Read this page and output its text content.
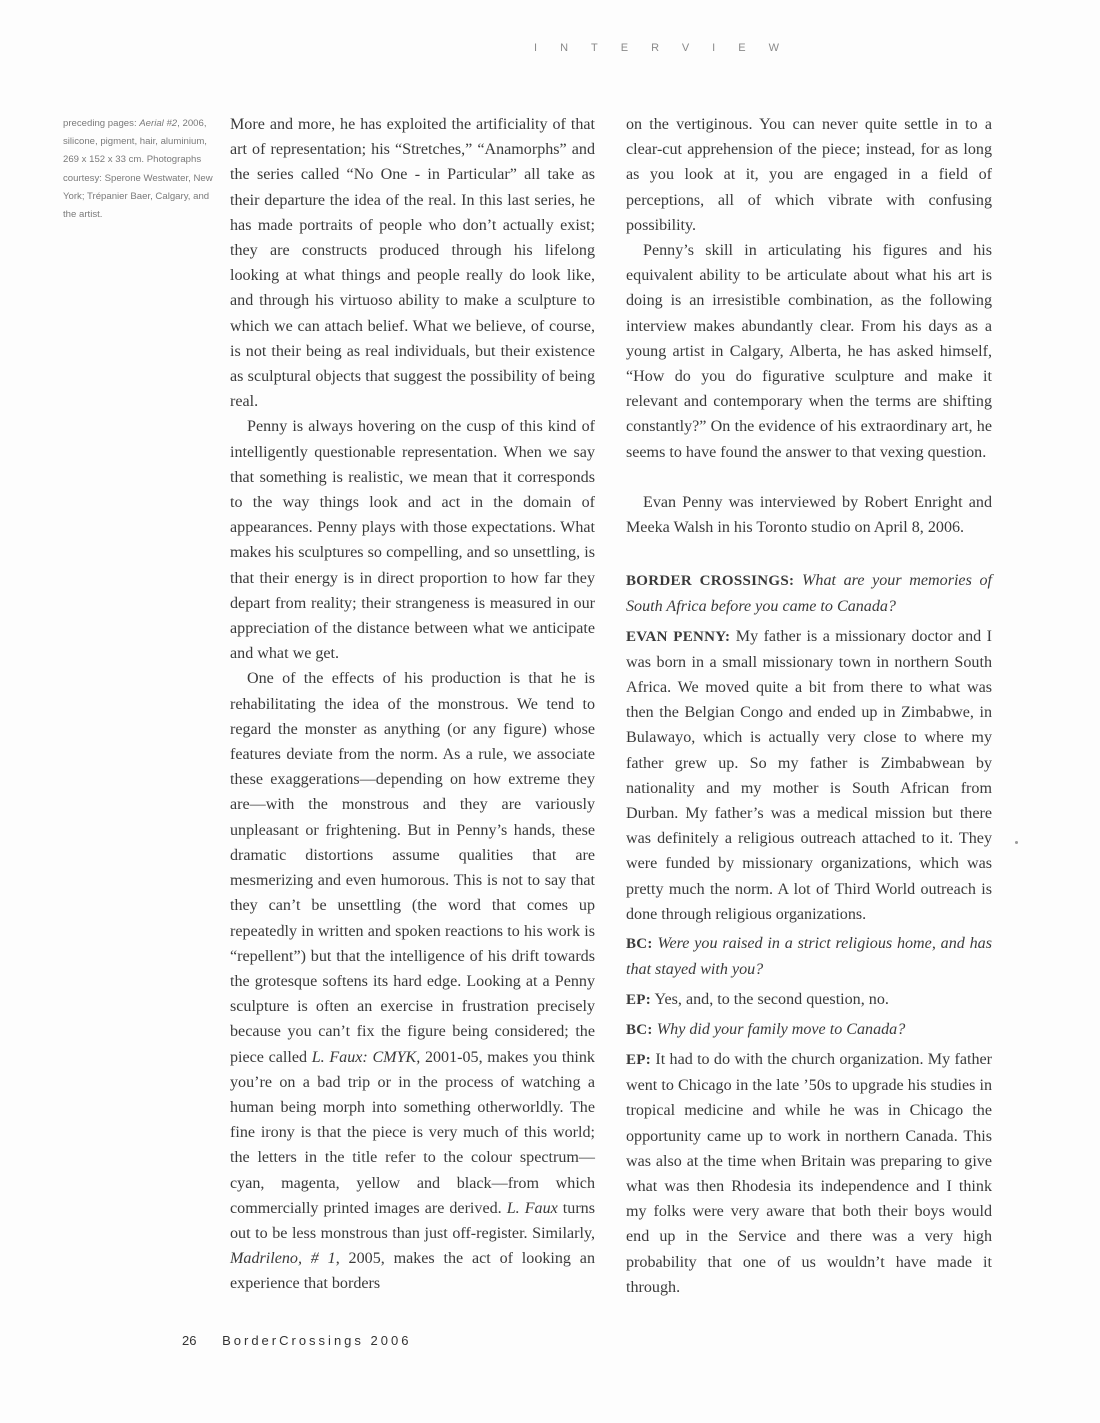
INTERVIEW
preceding pages: Aerial #2, 2006, silicone, pigment, hair, aluminium, 269 x 152 x 33 cm. Photographs courtesy: Sperone Westwater, New York; Trépanier Baer, Calgary, and the artist.

More and more, he has exploited the artificiality of that art of representation; his “Stretches,” “Anamorphs” and the series called “No One - in Particular” all take as their departure the idea of the real. In this last series, he has made portraits of people who don’t actually exist; they are constructs produced through his lifelong looking at what things and people really do look like, and through his virtuoso ability to make a sculpture to which we can attach belief. What we believe, of course, is not their being as real individuals, but their existence as sculptural objects that suggest the possibility of being real.

Penny is always hovering on the cusp of this kind of intelligently questionable representation. When we say that something is realistic, we mean that it corresponds to the way things look and act in the domain of appearances. Penny plays with those expectations. What makes his sculptures so compelling, and so unsettling, is that their energy is in direct proportion to how far they depart from reality; their strangeness is measured in our appreciation of the distance between what we anticipate and what we get.

One of the effects of his production is that he is rehabilitating the idea of the monstrous. We tend to regard the monster as anything (or any figure) whose features deviate from the norm. As a rule, we associate these exaggerations—depending on how extreme they are—with the monstrous and they are variously unpleasant or frightening. But in Penny’s hands, these dramatic distortions assume qualities that are mesmerizing and even humorous. This is not to say that they can’t be unsettling (the word that comes up repeatedly in written and spoken reactions to his work is “repellent”) but that the intelligence of his drift towards the grotesque softens its hard edge. Looking at a Penny sculpture is often an exercise in frustration precisely because you can’t fix the figure being considered; the piece called L. Faux: CMYK, 2001-05, makes you think you’re on a bad trip or in the process of watching a human being morph into something otherworldly. The fine irony is that the piece is very much of this world; the letters in the title refer to the colour spectrum—cyan, magenta, yellow and black—from which commercially printed images are derived. L. Faux turns out to be less monstrous than just off-register. Similarly, Madrileno, # 1, 2005, makes the act of looking an experience that borders

on the vertiginous. You can never quite settle in to a clear-cut apprehension of the piece; instead, for as long as you look at it, you are engaged in a field of perceptions, all of which vibrate with confusing possibility.

Penny’s skill in articulating his figures and his equivalent ability to be articulate about what his art is doing is an irresistible combination, as the following interview makes abundantly clear. From his days as a young artist in Calgary, Alberta, he has asked himself, “How do you do figurative sculpture and make it relevant and contemporary when the terms are shifting constantly?” On the evidence of his extraordinary art, he seems to have found the answer to that vexing question.

Evan Penny was interviewed by Robert Enright and Meeka Walsh in his Toronto studio on April 8, 2006.

BORDER CROSSINGS: What are your memories of South Africa before you came to Canada?

EVAN PENNY: My father is a missionary doctor and I was born in a small missionary town in northern South Africa. We moved quite a bit from there to what was then the Belgian Congo and ended up in Zimbabwe, in Bulawayo, which is actually very close to where my father grew up. So my father is Zimbabwean by nationality and my mother is South African from Durban. My father’s was a medical mission but there was definitely a religious outreach attached to it. They were funded by missionary organizations, which was pretty much the norm. A lot of Third World outreach is done through religious organizations.

BC: Were you raised in a strict religious home, and has that stayed with you?

EP: Yes, and, to the second question, no.

BC: Why did your family move to Canada?

EP: It had to do with the church organization. My father went to Chicago in the late ’50s to upgrade his studies in tropical medicine and while he was in Chicago the opportunity came up to work in northern Canada. This was also at the time when Britain was preparing to give what was then Rhodesia its independence and I think my folks were very aware that both their boys would end up in the Service and there was a very high probability that one of us wouldn’t have made it through.

26 BorderCrossings 2006
